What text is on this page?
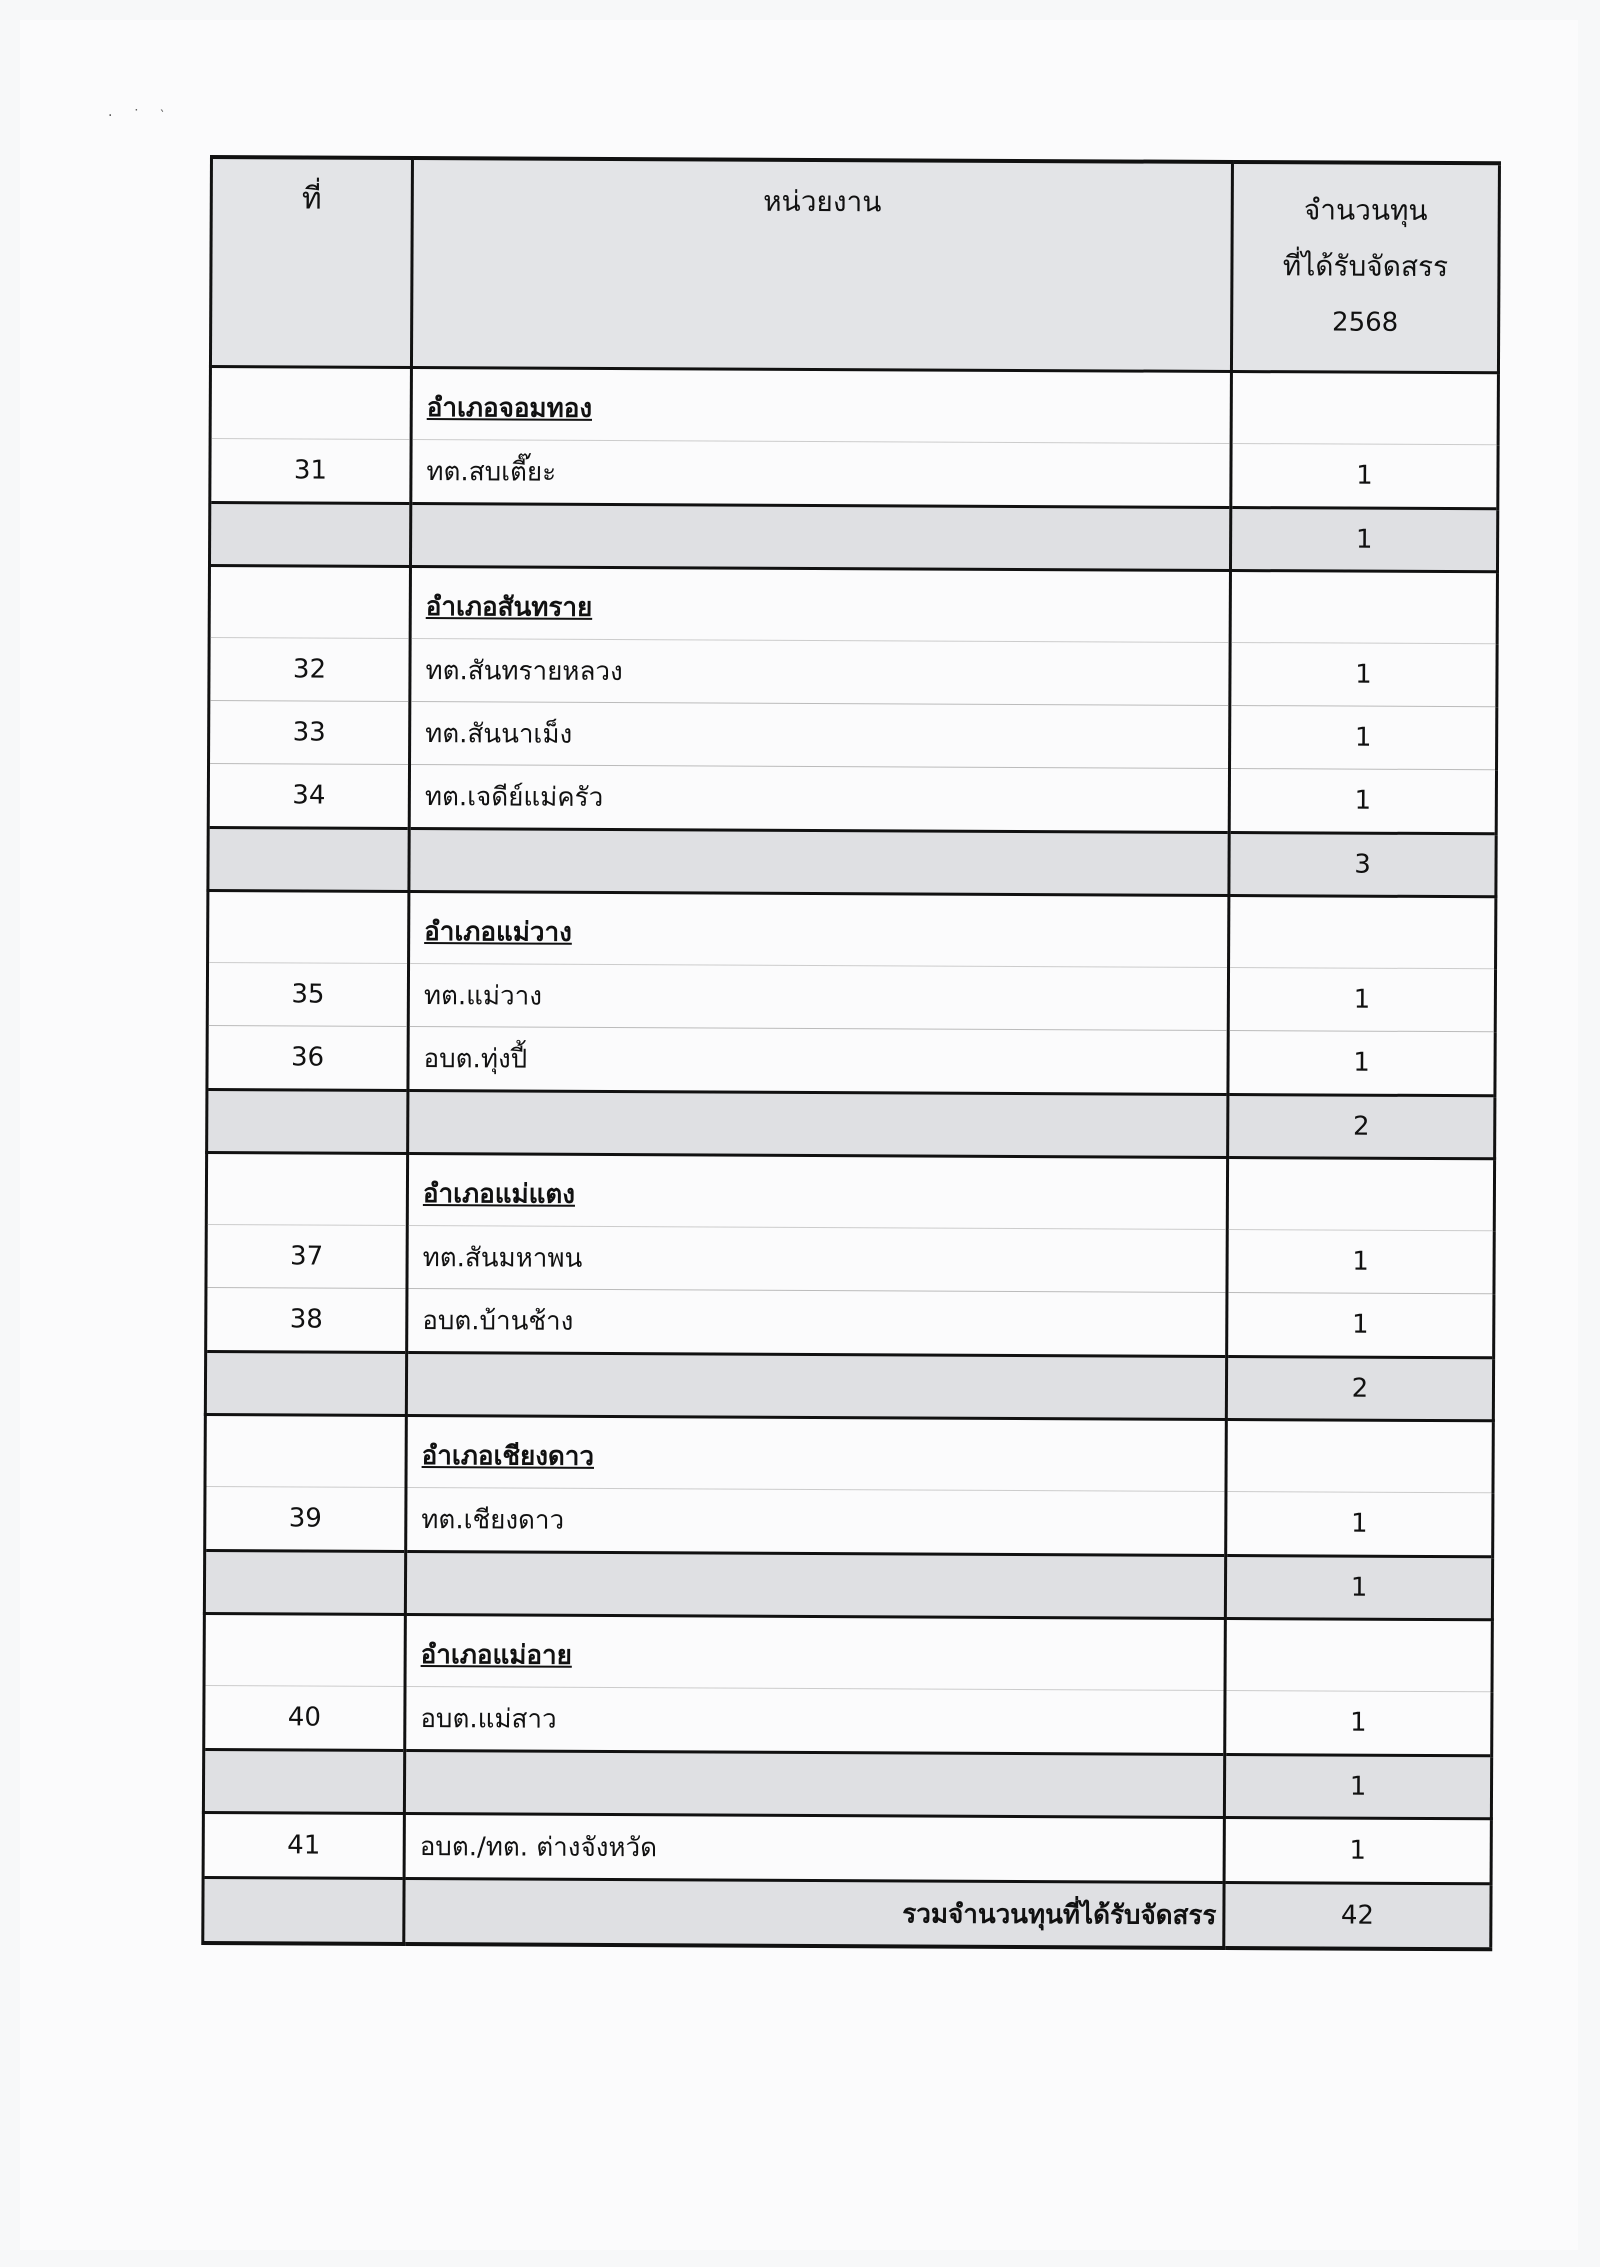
· ˙ ‵
ที่	หน่วยงาน	จำนวนทุน
ที่ได้รับจัดสรร
2568

	อำเภอจอมทอง	
31	ทต.สบเตี๊ยะ	1
		1
	อำเภอสันทราย	
32	ทต.สันทรายหลวง	1
33	ทต.สันนาเม็ง	1
34	ทต.เจดีย์แม่ครัว	1
		3
	อำเภอแม่วาง	
35	ทต.แม่วาง	1
36	อบต.ทุ่งปี้	1
		2
	อำเภอแม่แตง	
37	ทต.สันมหาพน	1
38	อบต.บ้านช้าง	1
		2
	อำเภอเชียงดาว	
39	ทต.เชียงดาว	1
		1
	อำเภอแม่อาย	
40	อบต.แม่สาว	1
		1
41	อบต./ทต. ต่างจังหวัด	1
	รวมจำนวนทุนที่ได้รับจัดสรร	42
